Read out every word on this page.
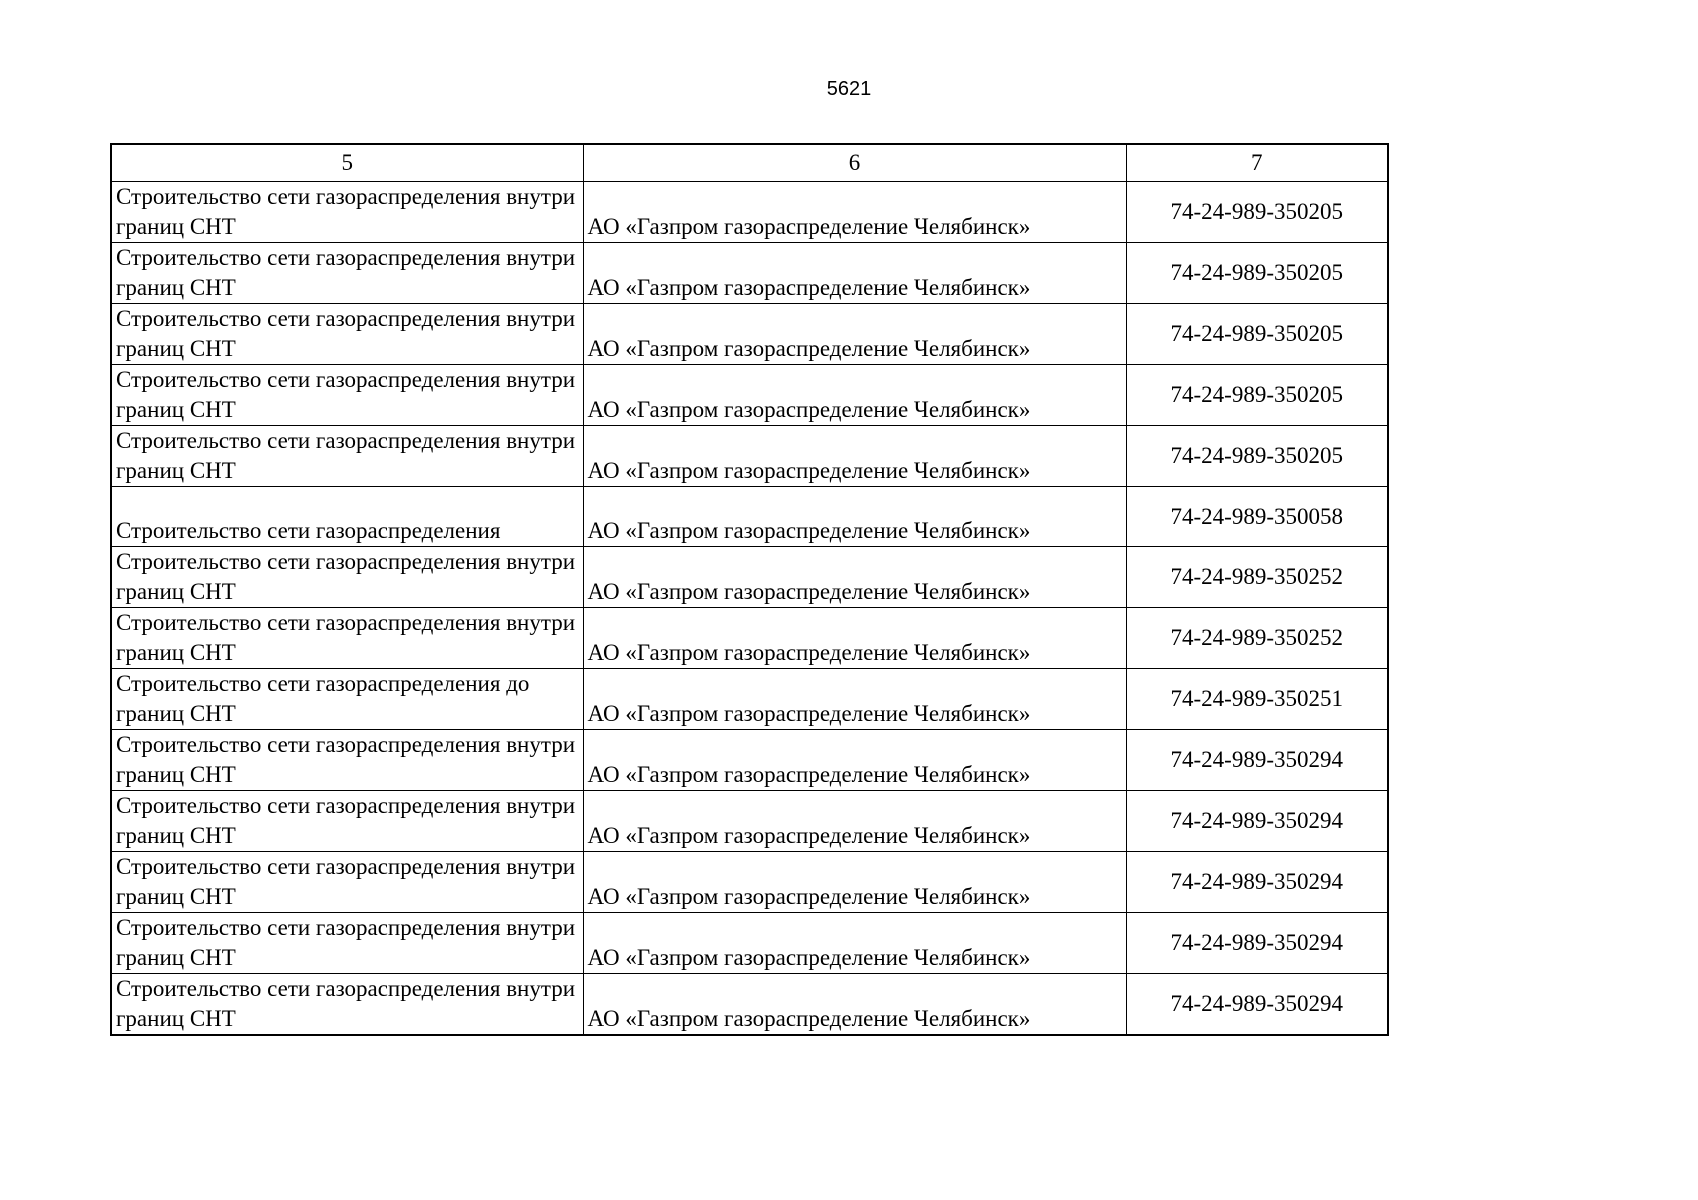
5621
5	6	7

Строительство сети газораспределения внутри границ СНТ	АО «Газпром газораспределение Челябинск»	74-24-989-350205

Строительство сети газораспределения внутри границ СНТ	АО «Газпром газораспределение Челябинск»	74-24-989-350205

Строительство сети газораспределения внутри границ СНТ	АО «Газпром газораспределение Челябинск»	74-24-989-350205

Строительство сети газораспределения внутри границ СНТ	АО «Газпром газораспределение Челябинск»	74-24-989-350205

Строительство сети газораспределения внутри границ СНТ	АО «Газпром газораспределение Челябинск»	74-24-989-350205

Строительство сети газораспределения	АО «Газпром газораспределение Челябинск»	74-24-989-350058

Строительство сети газораспределения внутри границ СНТ	АО «Газпром газораспределение Челябинск»	74-24-989-350252

Строительство сети газораспределения внутри границ СНТ	АО «Газпром газораспределение Челябинск»	74-24-989-350252

Строительство сети газораспределения до границ СНТ	АО «Газпром газораспределение Челябинск»	74-24-989-350251

Строительство сети газораспределения внутри границ СНТ	АО «Газпром газораспределение Челябинск»	74-24-989-350294

Строительство сети газораспределения внутри границ СНТ	АО «Газпром газораспределение Челябинск»	74-24-989-350294

Строительство сети газораспределения внутри границ СНТ	АО «Газпром газораспределение Челябинск»	74-24-989-350294

Строительство сети газораспределения внутри границ СНТ	АО «Газпром газораспределение Челябинск»	74-24-989-350294

Строительство сети газораспределения внутри границ СНТ	АО «Газпром газораспределение Челябинск»	74-24-989-350294
